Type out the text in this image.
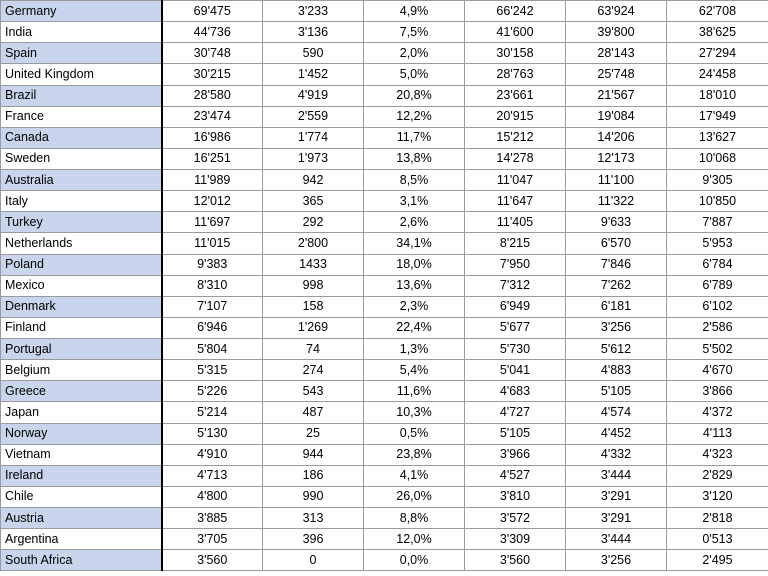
Germany	69'475	3'233	4,9%	66'242	63'924	62'708
India	44'736	3'136	7,5%	41'600	39'800	38'625
Spain	30'748	590	2,0%	30'158	28'143	27'294
United Kingdom	30'215	1'452	5,0%	28'763	25'748	24'458
Brazil	28'580	4'919	20,8%	23'661	21'567	18'010
France	23'474	2'559	12,2%	20'915	19'084	17'949
Canada	16'986	1'774	11,7%	15'212	14'206	13'627
Sweden	16'251	1'973	13,8%	14'278	12'173	10'068
Australia	11'989	942	8,5%	11'047	11'100	9'305
Italy	12'012	365	3,1%	11'647	11'322	10'850
Turkey	11'697	292	2,6%	11'405	9'633	7'887
Netherlands	11'015	2'800	34,1%	8'215	6'570	5'953
Poland	9'383	1433	18,0%	7'950	7'846	6'784
Mexico	8'310	998	13,6%	7'312	7'262	6'789
Denmark	7'107	158	2,3%	6'949	6'181	6'102
Finland	6'946	1'269	22,4%	5'677	3'256	2'586
Portugal	5'804	74	1,3%	5'730	5'612	5'502
Belgium	5'315	274	5,4%	5'041	4'883	4'670
Greece	5'226	543	11,6%	4'683	5'105	3'866
Japan	5'214	487	10,3%	4'727	4'574	4'372
Norway	5'130	25	0,5%	5'105	4'452	4'113
Vietnam	4'910	944	23,8%	3'966	4'332	4'323
Ireland	4'713	186	4,1%	4'527	3'444	2'829
Chile	4'800	990	26,0%	3'810	3'291	3'120
Austria	3'885	313	8,8%	3'572	3'291	2'818
Argentina	3'705	396	12,0%	3'309	3'444	0'513
South Africa	3'560	0	0,0%	3'560	3'256	2'495
